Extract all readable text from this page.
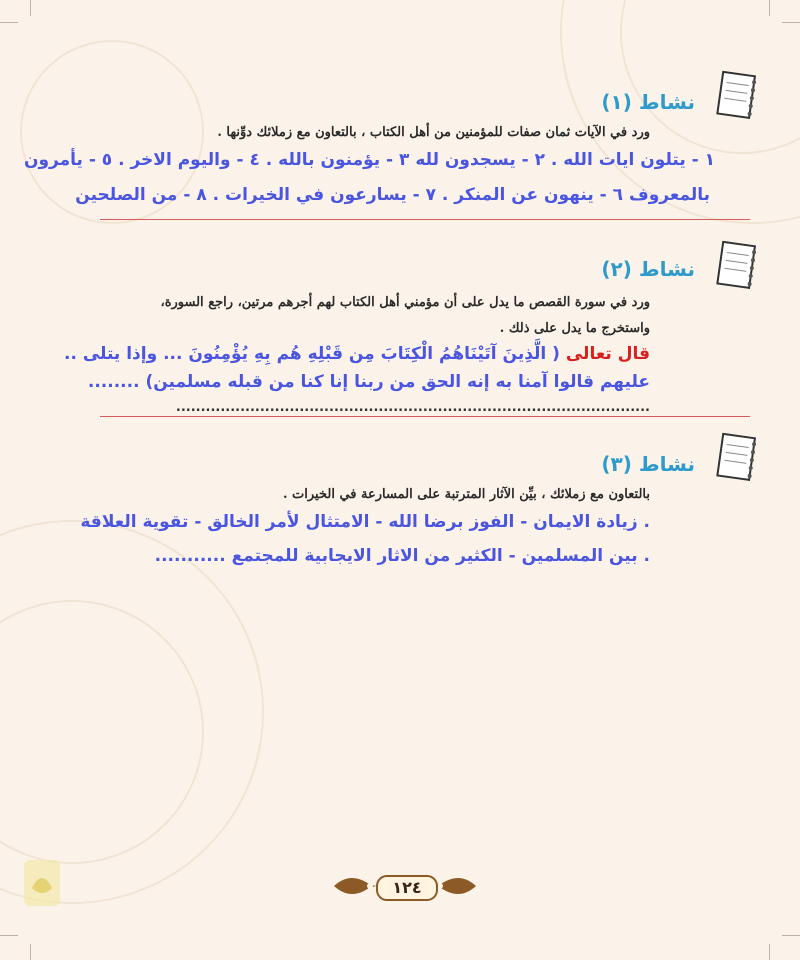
نشاط (١)
ورد في الآيات ثمان صفات للمؤمنين من أهل الكتاب ، بالتعاون مع زملائك دوِّنها .
١ - يتلون ايات الله . ٢ - يسجدون لله ٣ - يؤمنون بالله . ٤ - واليوم الاخر . ٥ - يأمرون
بالمعروف ٦ - ينهون عن المنكر . ٧ - يسارعون في الخيرات . ٨ - من الصلحين
نشاط (٢)
ورد في سورة القصص ما يدل على أن مؤمني أهل الكتاب لهم أجرهم مرتين، راجع السورة،
واستخرج ما يدل على ذلك .
قال تعالى ( الَّذِينَ آتَيْنَاهُمُ الْكِتَابَ مِن قَبْلِهِ هُم بِهِ يُؤْمِنُونَ ... وإذا يتلى ..
عليهم قالوا آمنا به إنه الحق من ربنا إنا كنا من قبله مسلمين) ........
................................................................................................
نشاط (٣)
بالتعاون مع زملائك ، بيِّن الآثار المترتبة على المسارعة في الخيرات .
. زيادة الايمان - الفوز برضا الله - الامتثال لأمر الخالق - تقوية العلاقة
. بين المسلمين - الكثير من الاثار الايجابية للمجتمع ...........
١٢٤
